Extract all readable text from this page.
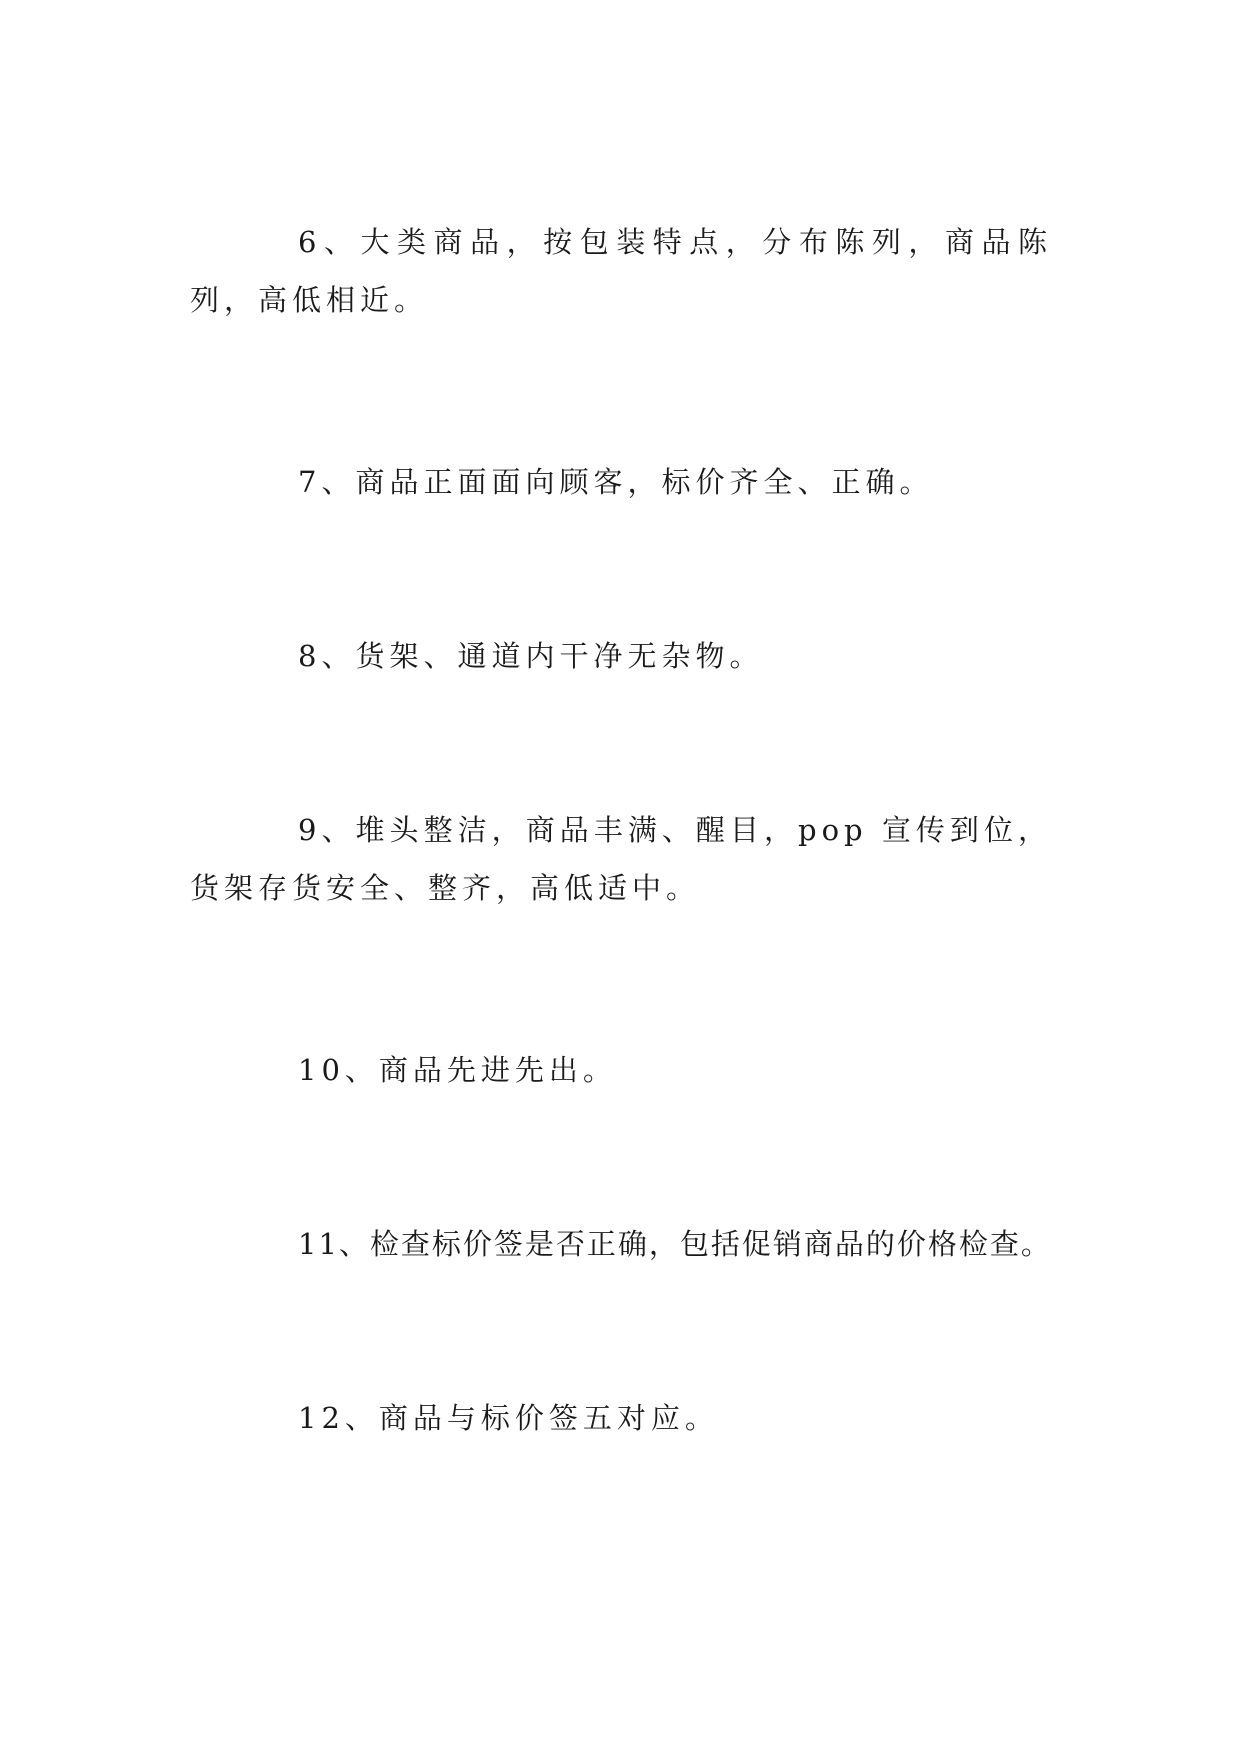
6、大类商品，按包装特点，分布陈列，商品陈列，高低相近。

7、商品正面面向顾客，标价齐全、正确。

8、货架、通道内干净无杂物。

9、堆头整洁，商品丰满、醒目，pop 宣传到位，货架存货安全、整齐，高低适中。

10、商品先进先出。

11、检查标价签是否正确，包括促销商品的价格检查。

12、商品与标价签五对应。
